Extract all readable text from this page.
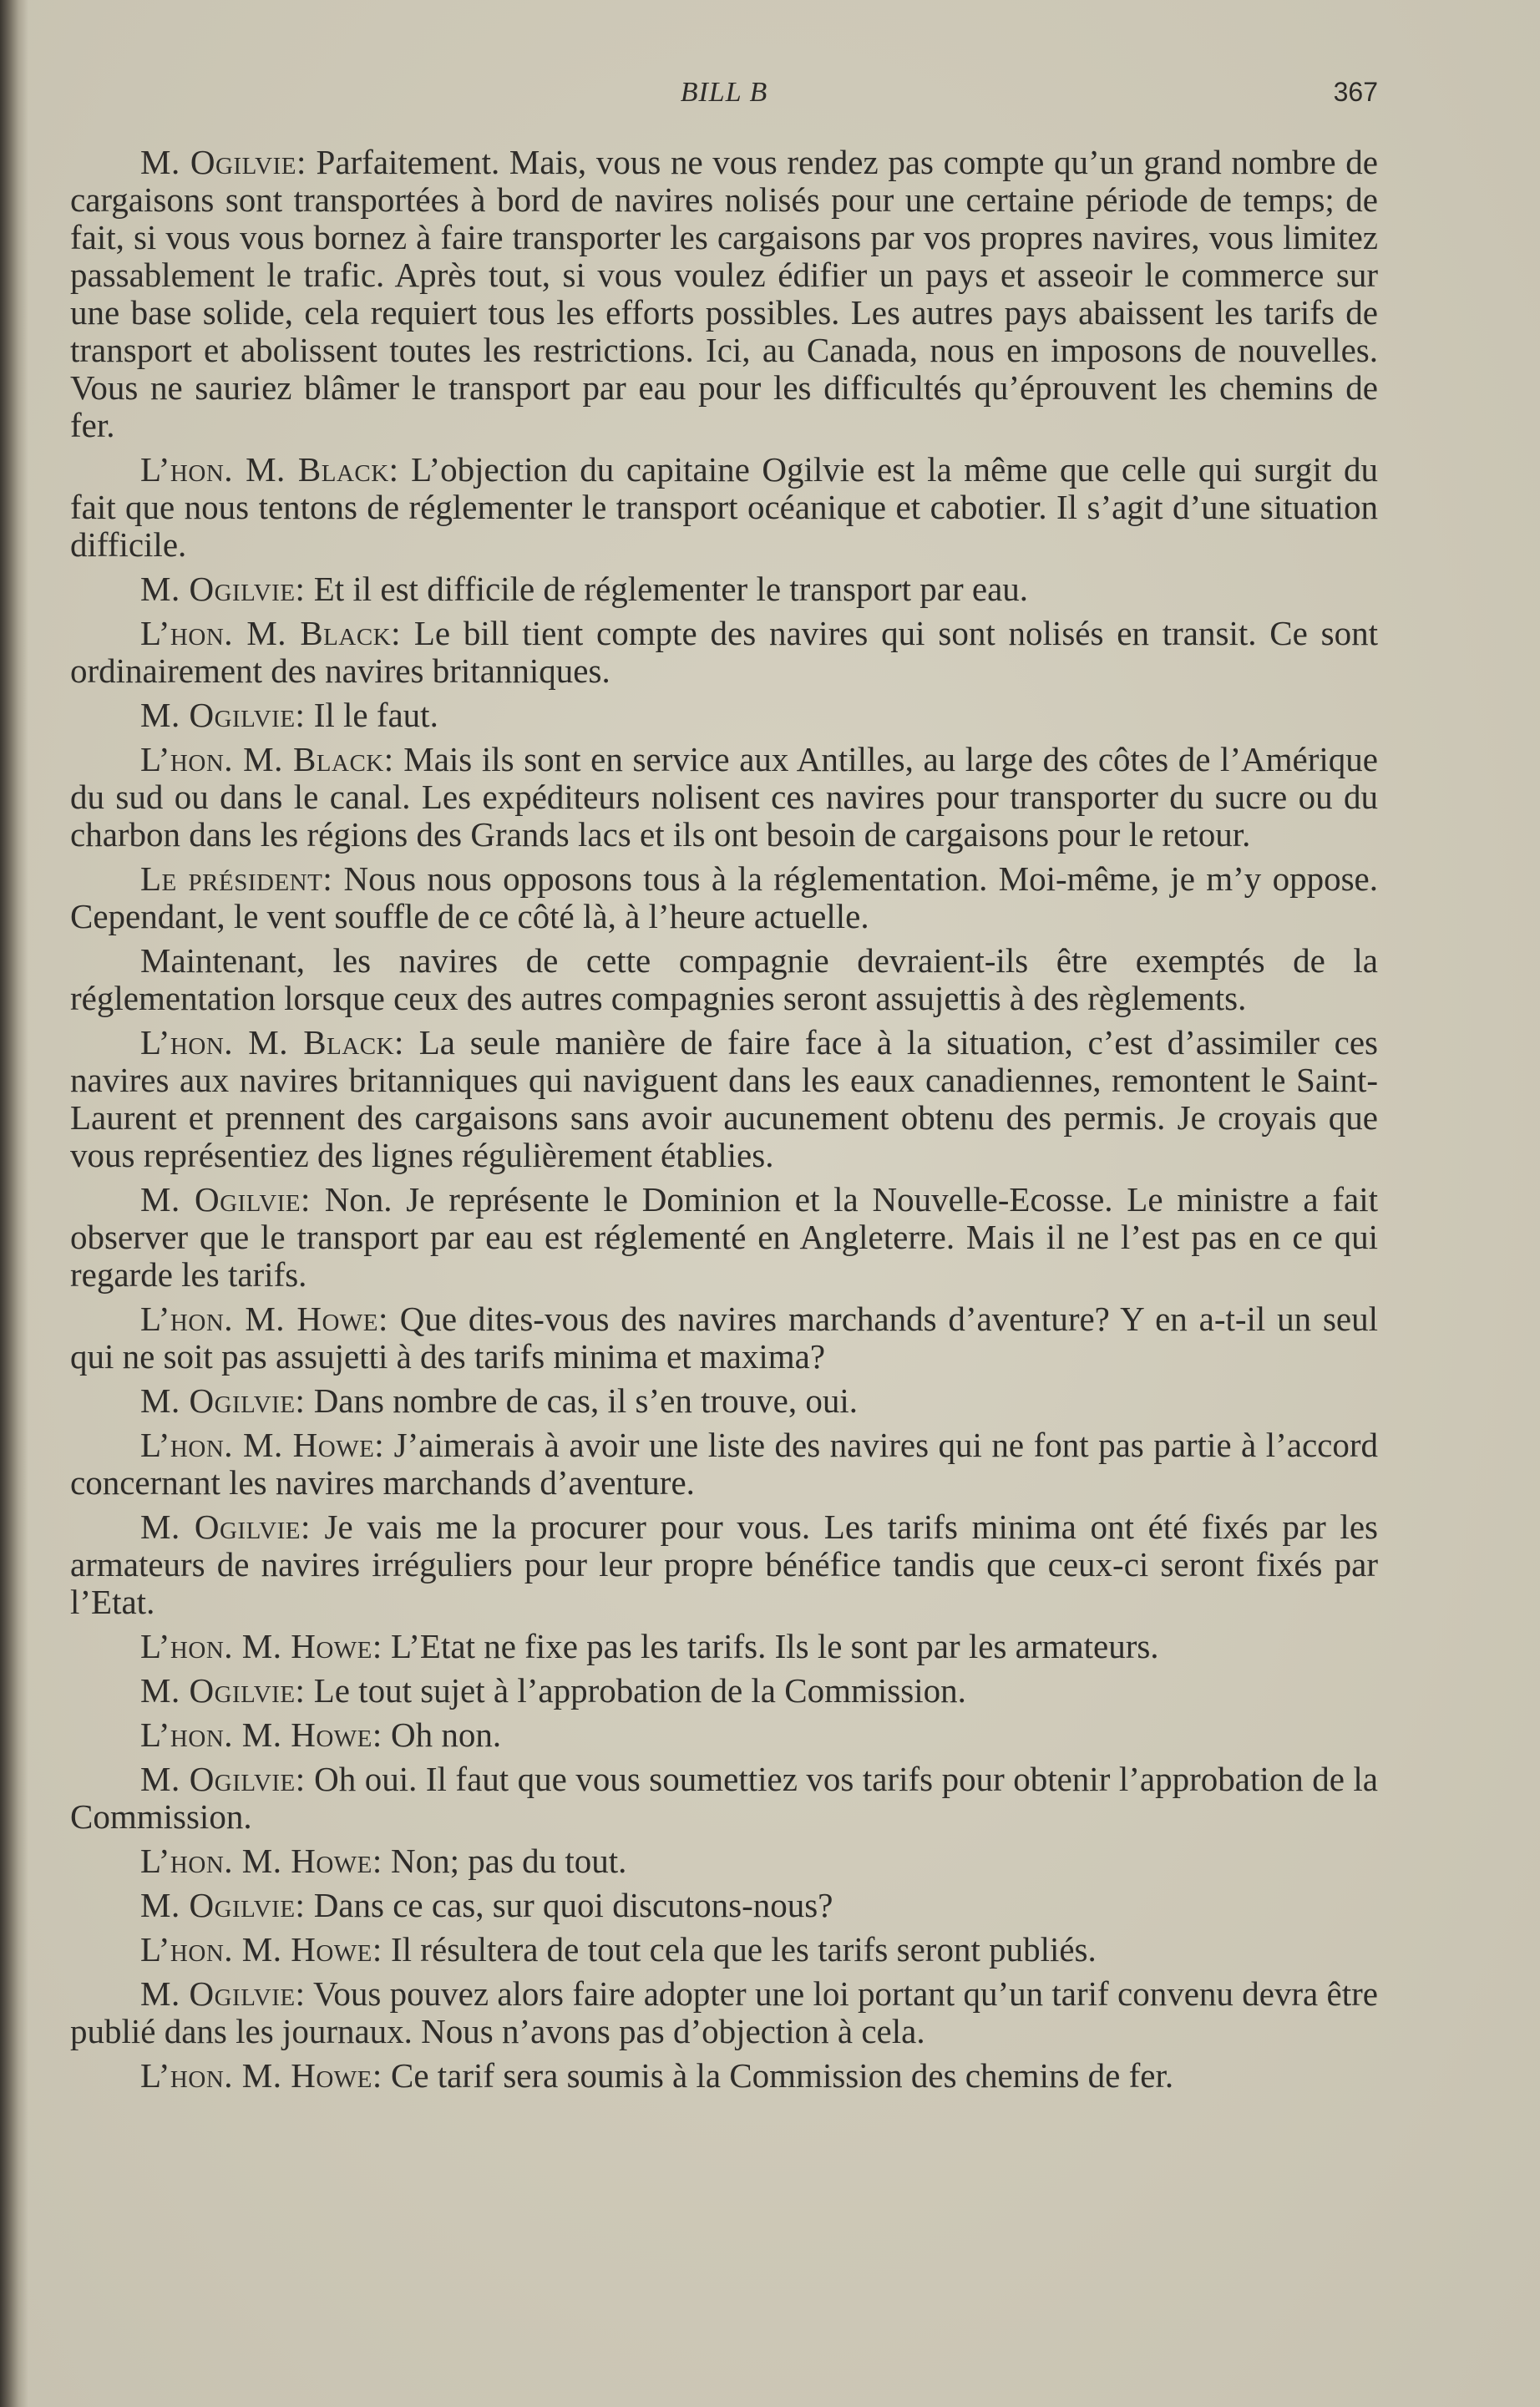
BILL B	367

M. Ogilvie: Parfaitement. Mais, vous ne vous rendez pas compte qu’un grand nombre de cargaisons sont transportées à bord de navires nolisés pour une certaine période de temps; de fait, si vous vous bornez à faire transporter les cargaisons par vos propres navires, vous limitez passablement le trafic. Après tout, si vous voulez édifier un pays et asseoir le commerce sur une base solide, cela requiert tous les efforts possibles. Les autres pays abaissent les tarifs de transport et abolissent toutes les restrictions. Ici, au Canada, nous en imposons de nouvelles. Vous ne sauriez blâmer le transport par eau pour les difficultés qu’éprouvent les chemins de fer.

L’hon. M. Black: L’objection du capitaine Ogilvie est la même que celle qui surgit du fait que nous tentons de réglementer le transport océanique et cabotier. Il s’agit d’une situation difficile.

M. Ogilvie: Et il est difficile de réglementer le transport par eau.

L’hon. M. Black: Le bill tient compte des navires qui sont nolisés en transit. Ce sont ordinairement des navires britanniques.

M. Ogilvie: Il le faut.

L’hon. M. Black: Mais ils sont en service aux Antilles, au large des côtes de l’Amérique du sud ou dans le canal. Les expéditeurs nolisent ces navires pour transporter du sucre ou du charbon dans les régions des Grands lacs et ils ont besoin de cargaisons pour le retour.

Le président: Nous nous opposons tous à la réglementation. Moi-même, je m’y oppose. Cependant, le vent souffle de ce côté là, à l’heure actuelle.

Maintenant, les navires de cette compagnie devraient-ils être exemptés de la réglementation lorsque ceux des autres compagnies seront assujettis à des règlements.

L’hon. M. Black: La seule manière de faire face à la situation, c’est d’assimiler ces navires aux navires britanniques qui naviguent dans les eaux canadiennes, remontent le Saint-Laurent et prennent des cargaisons sans avoir aucunement obtenu des permis. Je croyais que vous représentiez des lignes régulièrement établies.

M. Ogilvie: Non. Je représente le Dominion et la Nouvelle-Ecosse. Le ministre a fait observer que le transport par eau est réglementé en Angleterre. Mais il ne l’est pas en ce qui regarde les tarifs.

L’hon. M. Howe: Que dites-vous des navires marchands d’aventure? Y en a-t-il un seul qui ne soit pas assujetti à des tarifs minima et maxima?

M. Ogilvie: Dans nombre de cas, il s’en trouve, oui.

L’hon. M. Howe: J’aimerais à avoir une liste des navires qui ne font pas partie à l’accord concernant les navires marchands d’aventure.

M. Ogilvie: Je vais me la procurer pour vous. Les tarifs minima ont été fixés par les armateurs de navires irréguliers pour leur propre bénéfice tandis que ceux-ci seront fixés par l’Etat.

L’hon. M. Howe: L’Etat ne fixe pas les tarifs. Ils le sont par les armateurs.

M. Ogilvie: Le tout sujet à l’approbation de la Commission.

L’hon. M. Howe: Oh non.

M. Ogilvie: Oh oui. Il faut que vous soumettiez vos tarifs pour obtenir l’approbation de la Commission.

L’hon. M. Howe: Non; pas du tout.

M. Ogilvie: Dans ce cas, sur quoi discutons-nous?

L’hon. M. Howe: Il résultera de tout cela que les tarifs seront publiés.

M. Ogilvie: Vous pouvez alors faire adopter une loi portant qu’un tarif convenu devra être publié dans les journaux. Nous n’avons pas d’objection à cela.

L’hon. M. Howe: Ce tarif sera soumis à la Commission des chemins de fer.
